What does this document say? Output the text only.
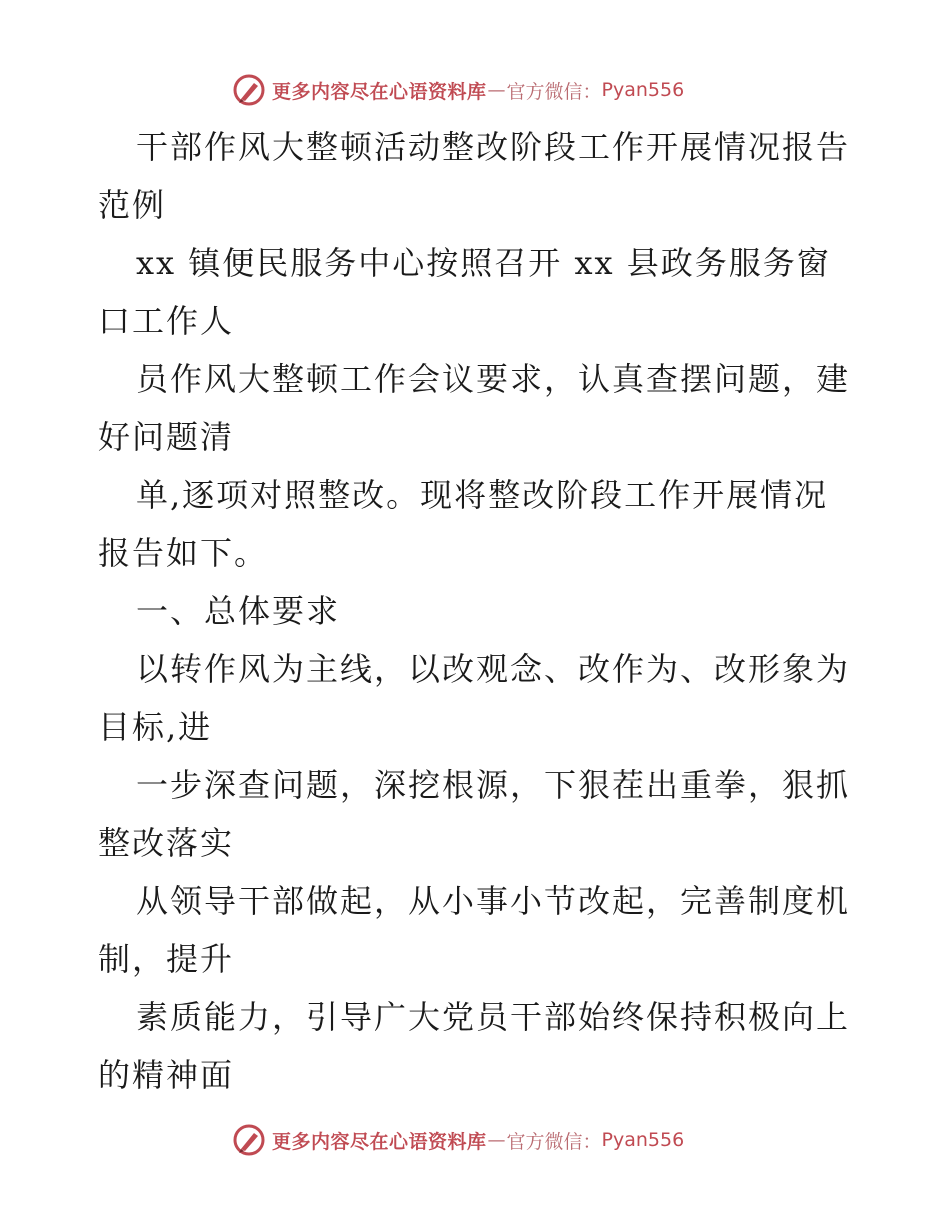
更多内容尽在心语资料库 — 官方微信： Pyan556
干部作风大整顿活动整改阶段工作开展情况报告
范例
xx 镇便民服务中心按照召开 xx 县政务服务窗
口工作人
员作风大整顿工作会议要求，认真查摆问题，建
好问题清
单,逐项对照整改。现将整改阶段工作开展情况
报告如下。
一、总体要求
以转作风为主线，以改观念、改作为、改形象为
目标,进
一步深查问题，深挖根源，下狠茬出重拳，狠抓
整改落实
从领导干部做起，从小事小节改起，完善制度机
制，提升
素质能力，引导广大党员干部始终保持积极向上
的精神面
更多内容尽在心语资料库 — 官方微信： Pyan556
